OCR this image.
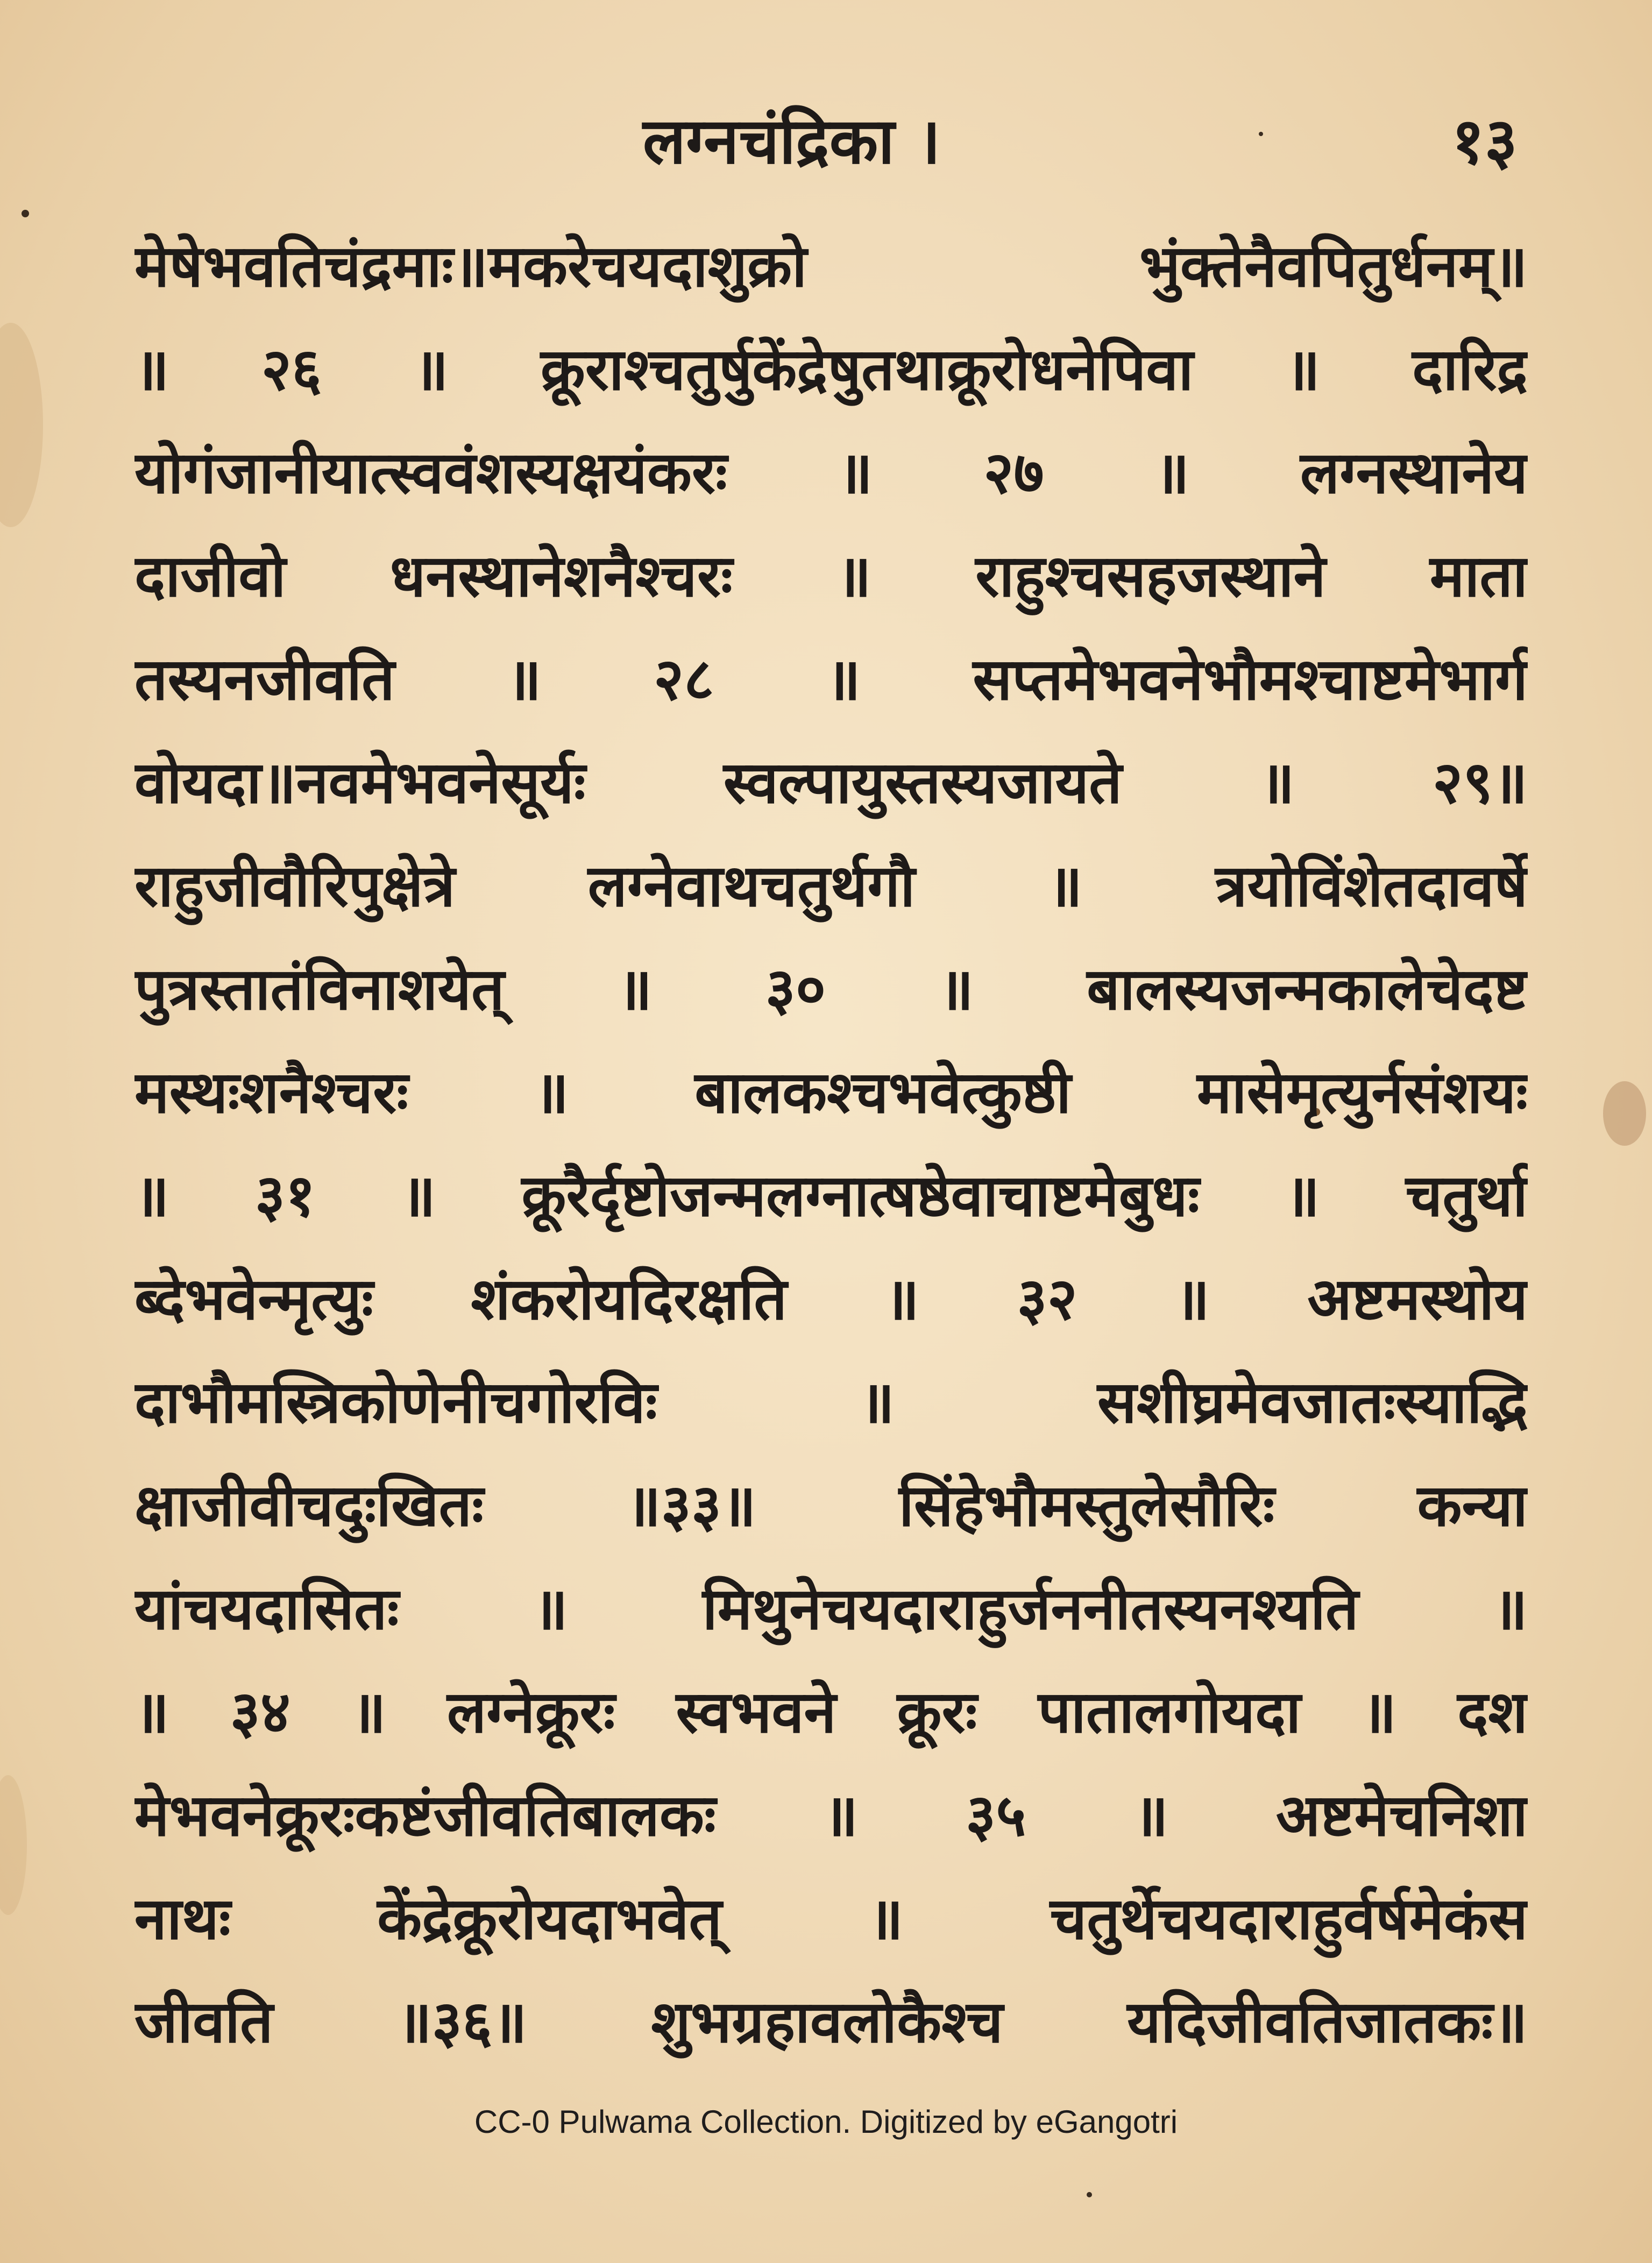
लग्नचंद्रिका ।	१३
मेषेभवतिचंद्रमाः॥मकरेचयदाशुक्रो भुंक्तेनैवपितुर्धनम्॥
॥ २६ ॥ क्रूराश्चतुर्षुकेंद्रेषुतथाक्रूरोधनेपिवा ॥ दारिद्र
योगंजानीयात्स्ववंशस्यक्षयंकरः ॥ २७ ॥ लग्नस्थानेय
दाजीवो धनस्थानेशनैश्चरः ॥ राहुश्चसहजस्थाने माता
तस्यनजीवति ॥ २८ ॥ सप्तमेभवनेभौमश्चाष्टमेभार्ग
वोयदा॥नवमेभवनेसूर्यः स्वल्पायुस्तस्यजायते ॥ २९॥
राहुजीवौरिपुक्षेत्रे लग्नेवाथचतुर्थगौ ॥ त्रयोविंशेतदावर्षे
पुत्रस्तातंविनाशयेत् ॥ ३० ॥ बालस्यजन्मकालेचेदष्ट
मस्थःशनैश्चरः ॥ बालकश्चभवेत्कुष्ठी मासेमृत्युर्नसंशयः
॥ ३१ ॥ क्रूरैर्दृष्टोजन्मलग्नात्षष्ठेवाचाष्टमेबुधः ॥ चतुर्था
ब्देभवेन्मृत्युः शंकरोयदिरक्षति ॥ ३२ ॥ अष्टमस्थोय
दाभौमस्त्रिकोणेनीचगोरविः ॥ सशीघ्रमेवजातःस्याद्भि
क्षाजीवीचदुःखितः ॥३३॥ सिंहेभौमस्तुलेसौरिः कन्या
यांचयदासितः ॥ मिथुनेचयदाराहुर्जननीतस्यनश्यति ॥
॥ ३४ ॥ लग्नेक्रूरः स्वभवने क्रूरः पातालगोयदा ॥ दश
मेभवनेक्रूरःकष्टंजीवतिबालकः ॥ ३५ ॥ अष्टमेचनिशा
नाथः केंद्रेक्रूरोयदाभवेत् ॥ चतुर्थेचयदाराहुर्वर्षमेकंस
जीवति ॥३६॥ शुभग्रहावलोकैश्च यदिजीवतिजातकः॥
CC-0 Pulwama Collection. Digitized by eGangotri
